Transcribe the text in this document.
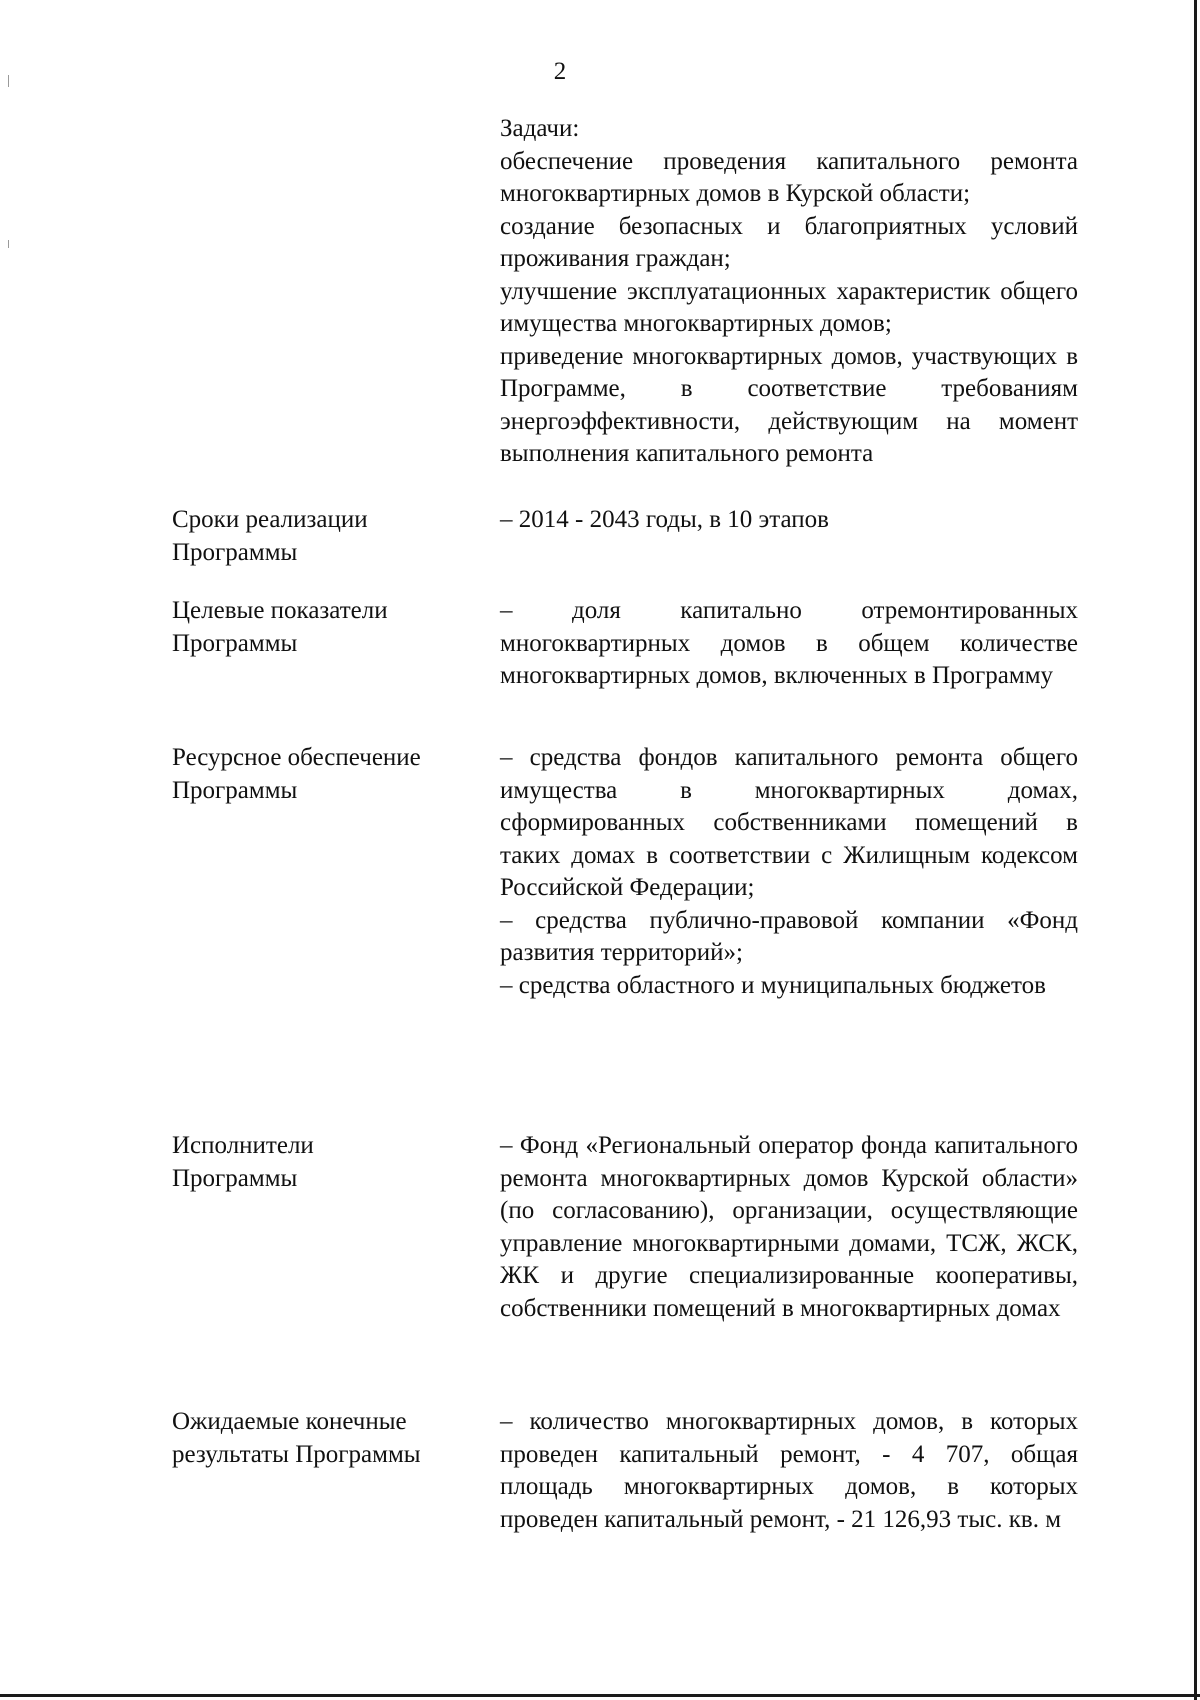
2
Задачи:

обеспечение проведения капитального ремонта многоквартирных домов в Курской области;

создание безопасных и благоприятных условий проживания граждан;

улучшение эксплуатационных характеристик общего имущества многоквартирных домов;

приведение многоквартирных домов, участвующих в Программе, в соответствие требованиям энергоэффективности, действующим на момент выполнения капитального ремонта

Сроки реализации
Программы

– 2014 - 2043 годы, в 10 этапов

Целевые показатели
Программы

– доля капитально отремонтированных многоквартирных домов в общем количестве многоквартирных домов, включенных в Программу

Ресурсное обеспечение
Программы

– средства фондов капитального ремонта общего имущества в многоквартирных домах, сформированных собственниками помещений в таких домах в соответствии с Жилищным кодексом Российской Федерации;

– средства публично-правовой компании «Фонд развития территорий»;

– средства областного и муниципальных бюджетов

Исполнители
Программы

– Фонд «Региональный оператор фонда капитального ремонта многоквартирных домов Курской области» (по согласованию), организации, осуществляющие управление многоквартирными домами, ТСЖ, ЖСК, ЖК и другие специализированные кооперативы, собственники помещений в многоквартирных домах

Ожидаемые конечные
результаты Программы

– количество многоквартирных домов, в которых проведен капитальный ремонт, - 4 707, общая площадь многоквартирных домов, в которых проведен капитальный ремонт, - 21 126,93 тыс. кв. м
